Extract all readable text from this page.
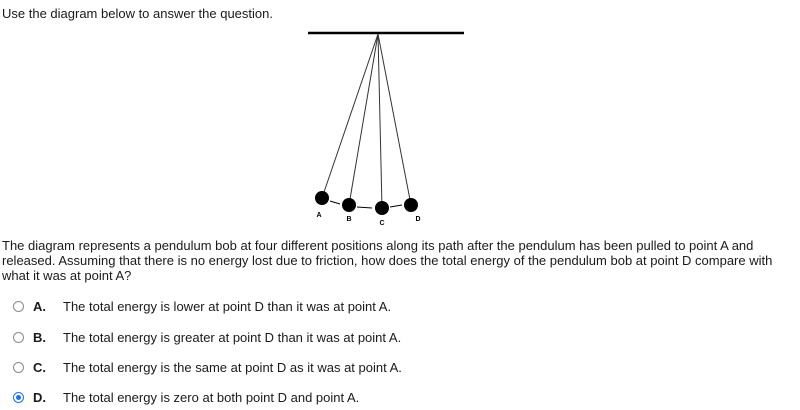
Use the diagram below to answer the question.
A
B
C
D
The diagram represents a pendulum bob at four different positions along its path after the pendulum has been pulled to point A and released. Assuming that there is no energy lost due to friction, how does the total energy of the pendulum bob at point D compare with what it was at point A?
A. The total energy is lower at point D than it was at point A.
B. The total energy is greater at point D than it was at point A.
C. The total energy is the same at point D as it was at point A.
D. The total energy is zero at both point D and point A.
